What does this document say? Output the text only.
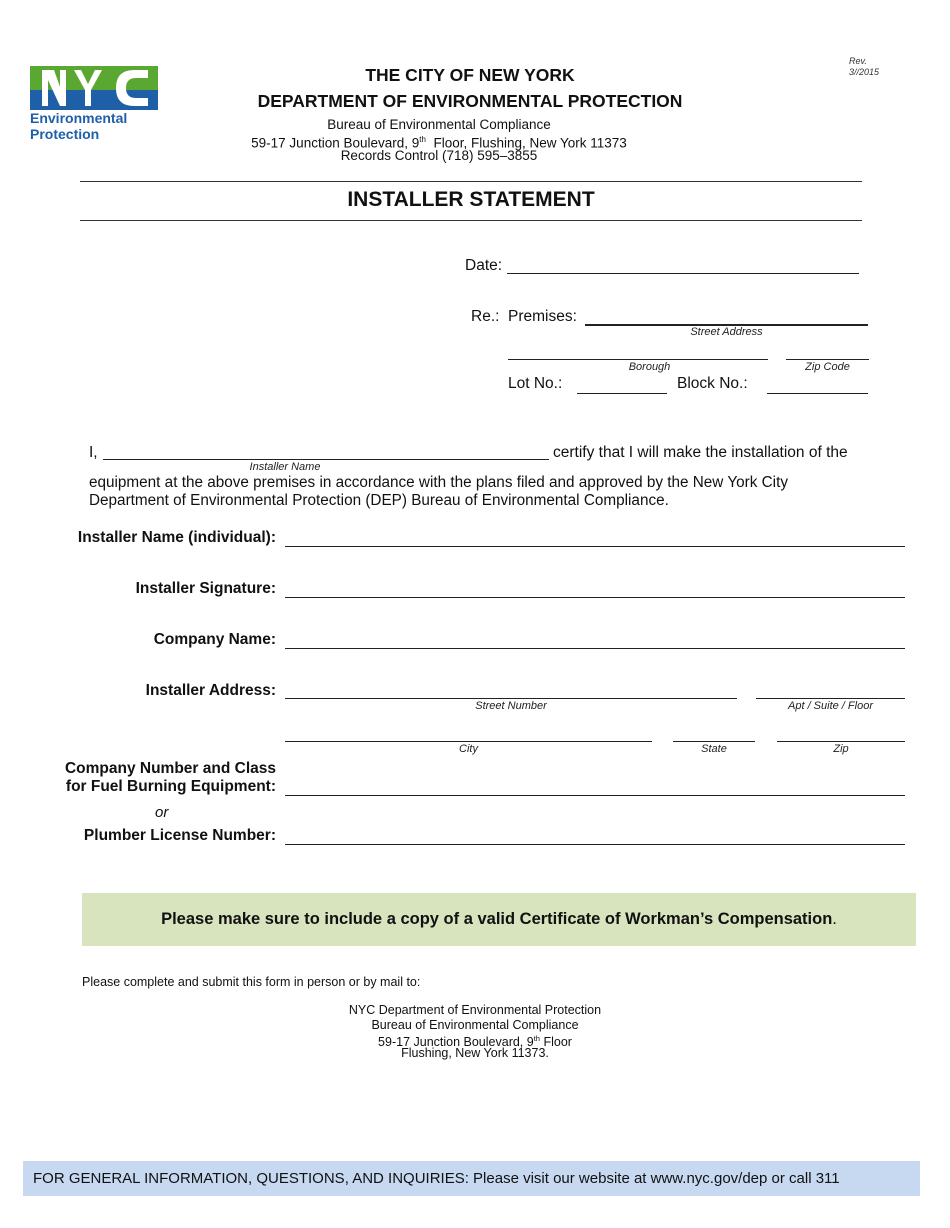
NYC

Environmental

Protection

Rev.
3//2015
THE CITY OF NEW YORK
DEPARTMENT OF ENVIRONMENTAL PROTECTION
Bureau of Environmental Compliance
59-17 Junction Boulevard, 9th  Floor, Flushing, New York 11373
Records Control (718) 595–3855
INSTALLER STATEMENT
Date:
Re.: Premises:
Street Address
Borough	Zip Code
Lot No.:	Block No.:
I,	certify that I will make the installation of the
Installer Name
equipment at the above premises in accordance with the plans filed and approved by the New York City
Department of Environmental Protection (DEP) Bureau of Environmental Compliance.
Installer Name (individual):
Installer Signature:
Company Name:
Installer Address:
Street Number	Apt / Suite / Floor
City	State	Zip
Company Number and Class
for Fuel Burning Equipment:
or
Plumber License Number:
Please make sure to include a copy of a valid Certificate of Workman’s Compensation .
Please complete and submit this form in person or by mail to:
NYC Department of Environmental Protection
Bureau of Environmental Compliance
59-17 Junction Boulevard, 9th Floor
Flushing, New York 11373.
FOR GENERAL INFORMATION, QUESTIONS, AND INQUIRIES: Please visit our website at www.nyc.gov/dep or call 311
